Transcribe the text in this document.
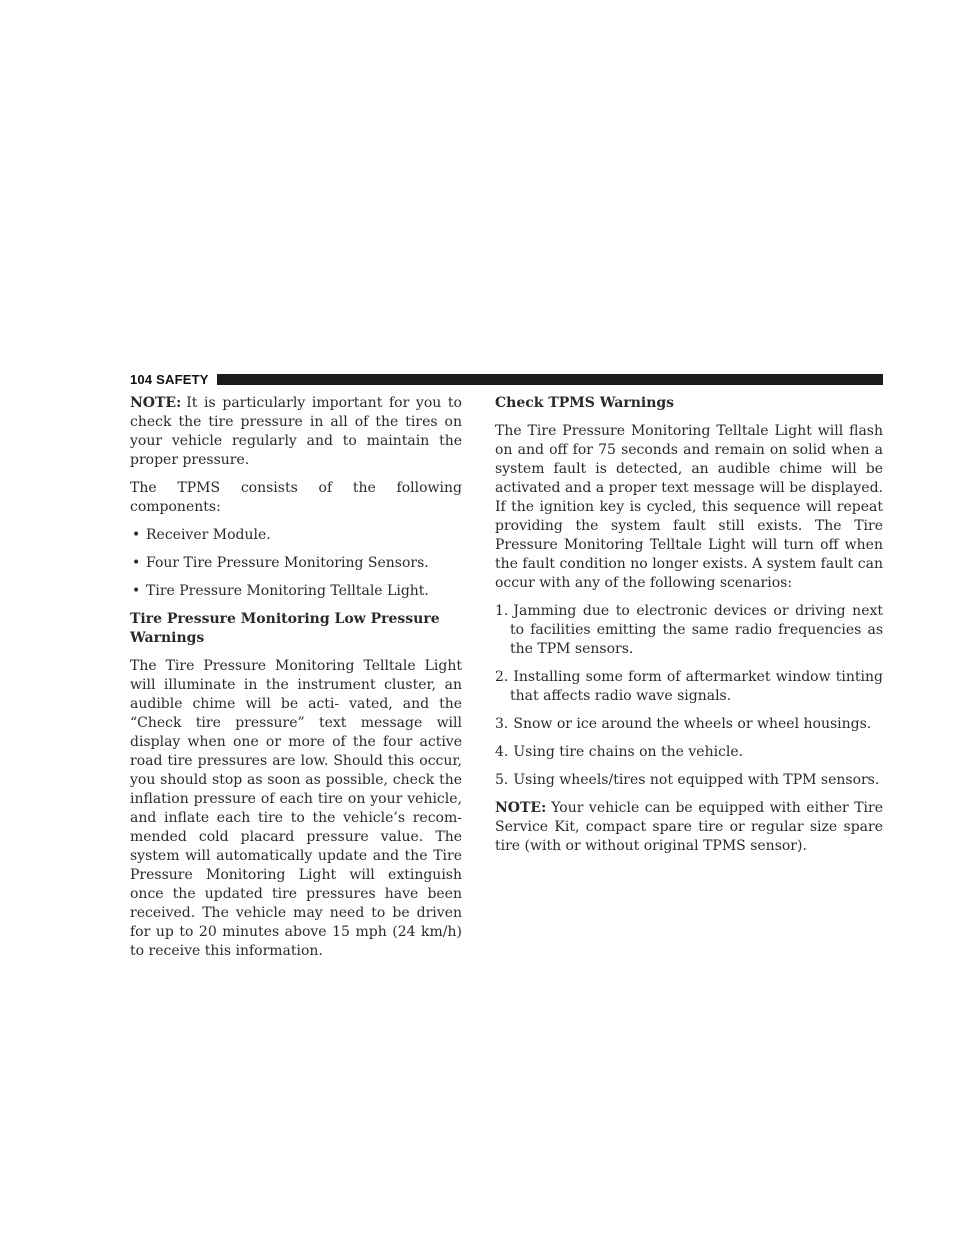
104 SAFETY

NOTE: It is particularly important for you to check the tire pressure in all of the tires on your vehicle regularly and to maintain the proper pressure.

The TPMS consists of the following components:

• Receiver Module.
• Four Tire Pressure Monitoring Sensors.
• Tire Pressure Monitoring Telltale Light.
Tire Pressure Monitoring Low Pressure Warnings

The Tire Pressure Monitoring Telltale Light will illuminate in the instrument cluster, an audible chime will be acti- vated, and the “Check tire pressure” text message will display when one or more of the four active road tire pressures are low. Should this occur, you should stop as soon as possible, check the inflation pressure of each tire on your vehicle, and inflate each tire to the vehicle’s recom- mended cold placard pressure value. The system will automatically update and the Tire Pressure Monitoring Light will extinguish once the updated tire pressures have been received. The vehicle may need to be driven for up to 20 minutes above 15 mph (24 km/h) to receive this information.

Check TPMS Warnings

The Tire Pressure Monitoring Telltale Light will flash on and off for 75 seconds and remain on solid when a system fault is detected, an audible chime will be activated and a proper text message will be displayed. If the ignition key is cycled, this sequence will repeat providing the system fault still exists. The Tire Pressure Monitoring Telltale Light will turn off when the fault condition no longer exists. A system fault can occur with any of the following scenarios:

1. Jamming due to electronic devices or driving next to facilities emitting the same radio frequencies as the TPM sensors.
2. Installing some form of aftermarket window tinting that affects radio wave signals.
3. Snow or ice around the wheels or wheel housings.
4. Using tire chains on the vehicle.
5. Using wheels/tires not equipped with TPM sensors.

NOTE: Your vehicle can be equipped with either Tire Service Kit, compact spare tire or regular size spare tire (with or without original TPMS sensor).
